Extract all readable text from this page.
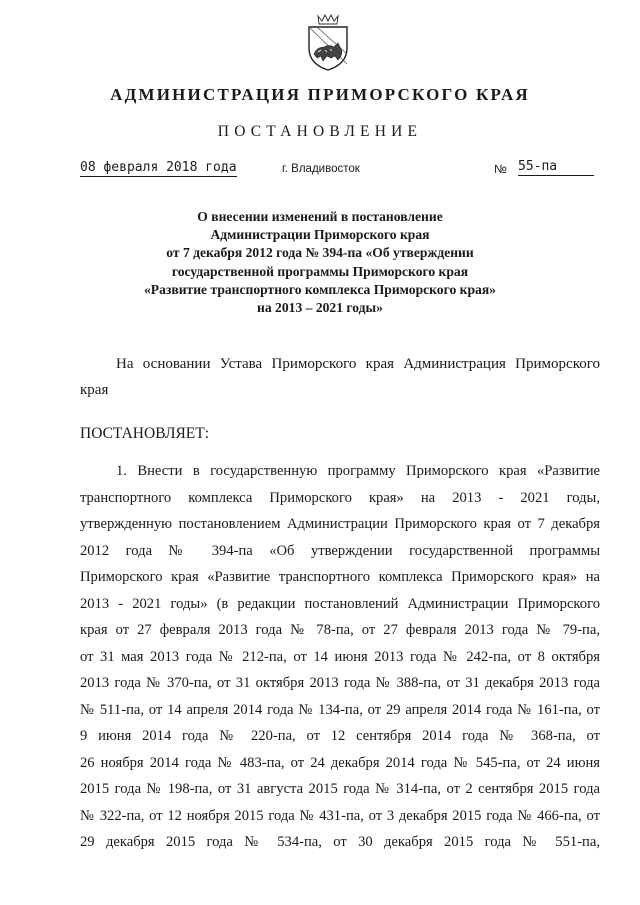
АДМИНИСТРАЦИЯ ПРИМОРСКОГО КРАЯ
ПОСТАНОВЛЕНИЕ
08 февраля 2018 года	г. Владивосток	№ 55-па
О внесении изменений в постановление
Администрации Приморского края
от 7 декабря 2012 года № 394-па «Об утверждении
государственной программы Приморского края
«Развитие транспортного комплекса Приморского края»
на 2013 – 2021 годы»
На основании Устава Приморского края Администрация Приморского
края
ПОСТАНОВЛЯЕТ:
1. Внести в государственную программу Приморского края «Развитие
транспортного комплекса Приморского края» на 2013 - 2021 годы,
утвержденную постановлением Администрации Приморского края от 7 декабря
2012 года № 394-па «Об утверждении государственной программы
Приморского края «Развитие транспортного комплекса Приморского края» на
2013 - 2021 годы» (в редакции постановлений Администрации Приморского
края от 27 февраля 2013 года № 78-па, от 27 февраля 2013 года № 79-па,
от 31 мая 2013 года № 212-па, от 14 июня 2013 года № 242-па, от 8 октября
2013 года № 370-па, от 31 октября 2013 года № 388-па, от 31 декабря 2013 года
№ 511-па, от 14 апреля 2014 года № 134-па, от 29 апреля 2014 года № 161-па, от
9 июня 2014 года № 220-па, от 12 сентября 2014 года № 368-па, от
26 ноября 2014 года № 483-па, от 24 декабря 2014 года № 545-па, от 24 июня
2015 года № 198-па, от 31 августа 2015 года № 314-па, от 2 сентября 2015 года
№ 322-па, от 12 ноября 2015 года № 431-па, от 3 декабря 2015 года № 466-па, от
29 декабря 2015 года № 534-па, от 30 декабря 2015 года № 551-па,
